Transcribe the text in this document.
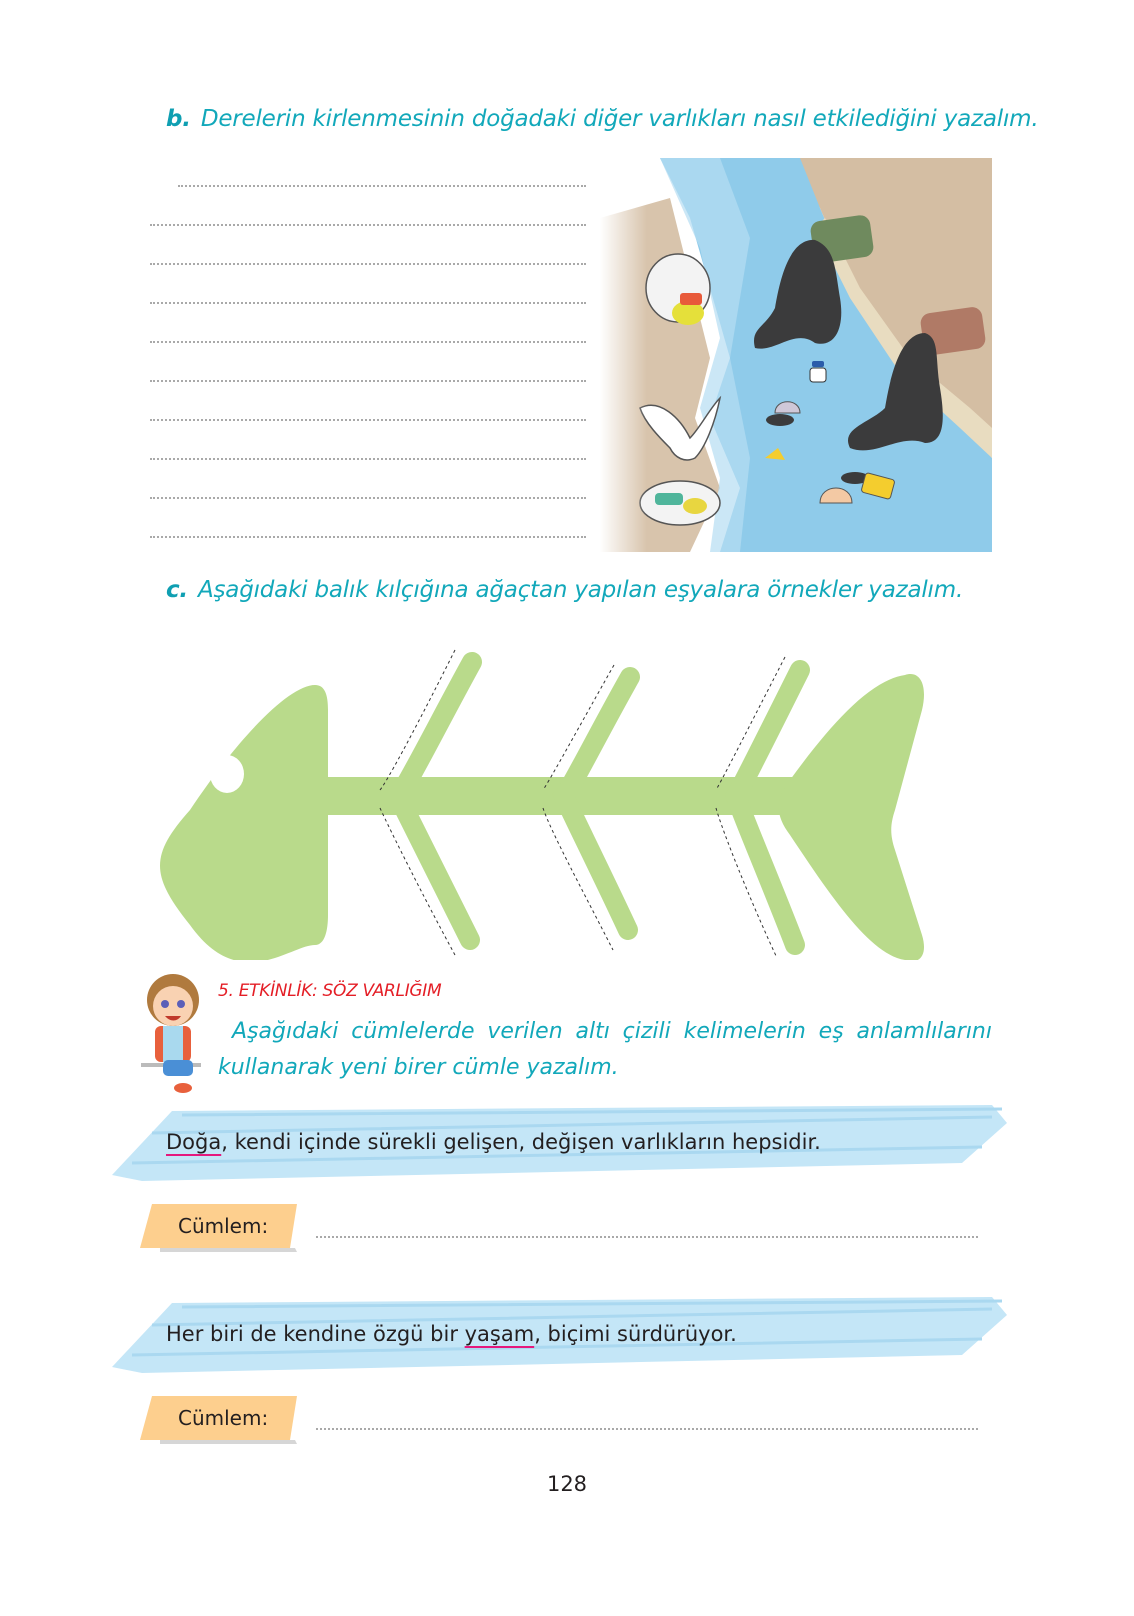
b. Derelerin kirlenmesinin doğadaki diğer varlıkları nasıl etkilediğini yazalım.
c. Aşağıdaki balık kılçığına ağaçtan yapılan eşyalara örnekler yazalım.
5. ETKİNLİK: SÖZ VARLIĞIM
Aşağıdaki cümlelerde verilen altı çizili kelimelerin eş anlamlılarını kullanarak yeni birer cümle yazalım.
Doğa, kendi içinde sürekli gelişen, değişen varlıkların hepsidir.
Cümlem:
Her biri de kendine özgü bir yaşam, biçimi sürdürüyor.
Cümlem:
128
